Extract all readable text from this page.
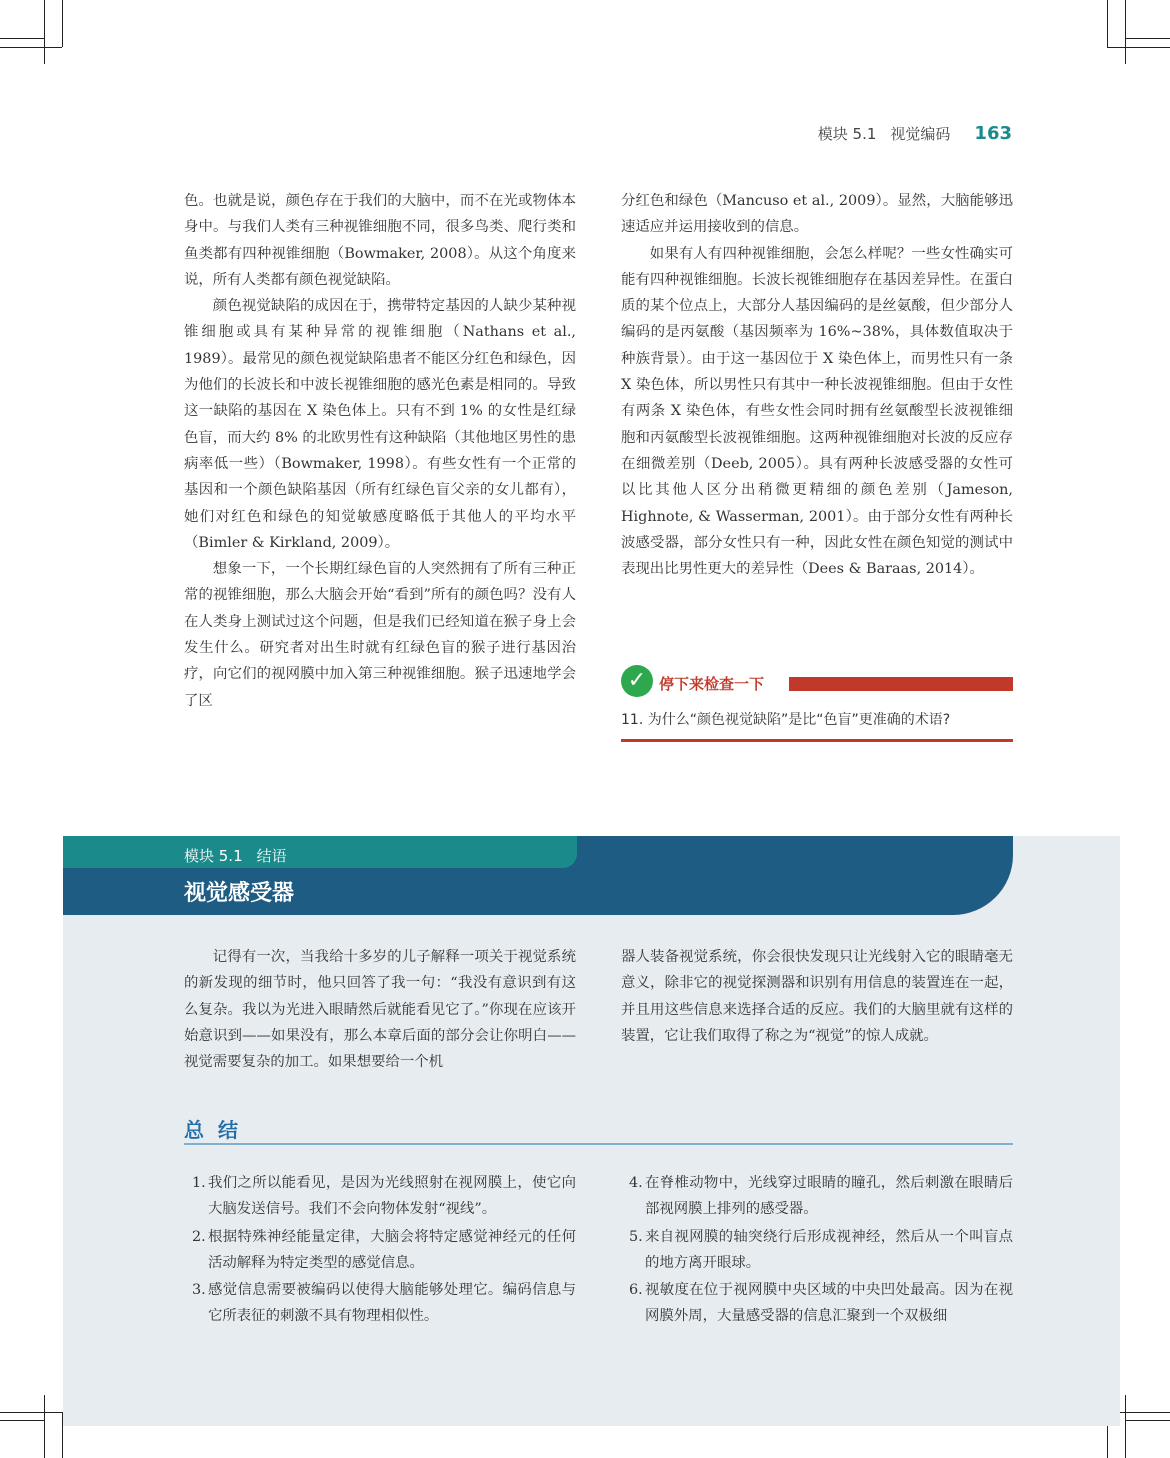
模块 5.1 视觉编码 163

色。也就是说，颜色存在于我们的大脑中，而不在光或物体本身中。与我们人类有三种视锥细胞不同，很多鸟类、爬行类和鱼类都有四种视锥细胞（Bowmaker, 2008）。从这个角度来说，所有人类都有颜色视觉缺陷。

颜色视觉缺陷的成因在于，携带特定基因的人缺少某种视锥细胞或具有某种异常的视锥细胞（Nathans et al., 1989）。最常见的颜色视觉缺陷患者不能区分红色和绿色，因为他们的长波长和中波长视锥细胞的感光色素是相同的。导致这一缺陷的基因在 X 染色体上。只有不到 1% 的女性是红绿色盲，而大约 8% 的北欧男性有这种缺陷（其他地区男性的患病率低一些）（Bowmaker, 1998）。有些女性有一个正常的基因和一个颜色缺陷基因（所有红绿色盲父亲的女儿都有），她们对红色和绿色的知觉敏感度略低于其他人的平均水平（Bimler & Kirkland, 2009）。

想象一下，一个长期红绿色盲的人突然拥有了所有三种正常的视锥细胞，那么大脑会开始“看到”所有的颜色吗？没有人在人类身上测试过这个问题，但是我们已经知道在猴子身上会发生什么。研究者对出生时就有红绿色盲的猴子进行基因治疗，向它们的视网膜中加入第三种视锥细胞。猴子迅速地学会了区

分红色和绿色（Mancuso et al., 2009）。显然，大脑能够迅速适应并运用接收到的信息。

如果有人有四种视锥细胞，会怎么样呢？一些女性确实可能有四种视锥细胞。长波长视锥细胞存在基因差异性。在蛋白质的某个位点上，大部分人基因编码的是丝氨酸，但少部分人编码的是丙氨酸（基因频率为 16%~38%，具体数值取决于种族背景）。由于这一基因位于 X 染色体上，而男性只有一条 X 染色体，所以男性只有其中一种长波视锥细胞。但由于女性有两条 X 染色体，有些女性会同时拥有丝氨酸型长波视锥细胞和丙氨酸型长波视锥细胞。这两种视锥细胞对长波的反应存在细微差别（Deeb, 2005）。具有两种长波感受器的女性可以比其他人区分出稍微更精细的颜色差别（Jameson, Highnote, & Wasserman, 2001）。由于部分女性有两种长波感受器，部分女性只有一种，因此女性在颜色知觉的测试中表现出比男性更大的差异性（Dees & Baraas, 2014）。

✓ 停下来检查一下
11. 为什么“颜色视觉缺陷”是比“色盲”更准确的术语?
模块 5.1 结语
视觉感受器

记得有一次，当我给十多岁的儿子解释一项关于视觉系统的新发现的细节时，他只回答了我一句：“我没有意识到有这么复杂。我以为光进入眼睛然后就能看见它了。”你现在应该开始意识到——如果没有，那么本章后面的部分会让你明白——视觉需要复杂的加工。如果想要给一个机

器人装备视觉系统，你会很快发现只让光线射入它的眼睛毫无意义，除非它的视觉探测器和识别有用信息的装置连在一起，并且用这些信息来选择合适的反应。我们的大脑里就有这样的装置，它让我们取得了称之为“视觉”的惊人成就。

总结
1. 我们之所以能看见，是因为光线照射在视网膜上，使它向大脑发送信号。我们不会向物体发射“视线”。
2. 根据特殊神经能量定律，大脑会将特定感觉神经元的任何活动解释为特定类型的感觉信息。
3. 感觉信息需要被编码以使得大脑能够处理它。编码信息与它所表征的刺激不具有物理相似性。
4. 在脊椎动物中，光线穿过眼睛的瞳孔，然后刺激在眼睛后部视网膜上排列的感受器。
5. 来自视网膜的轴突绕行后形成视神经，然后从一个叫盲点的地方离开眼球。
6. 视敏度在位于视网膜中央区域的中央凹处最高。因为在视网膜外周，大量感受器的信息汇聚到一个双极细
